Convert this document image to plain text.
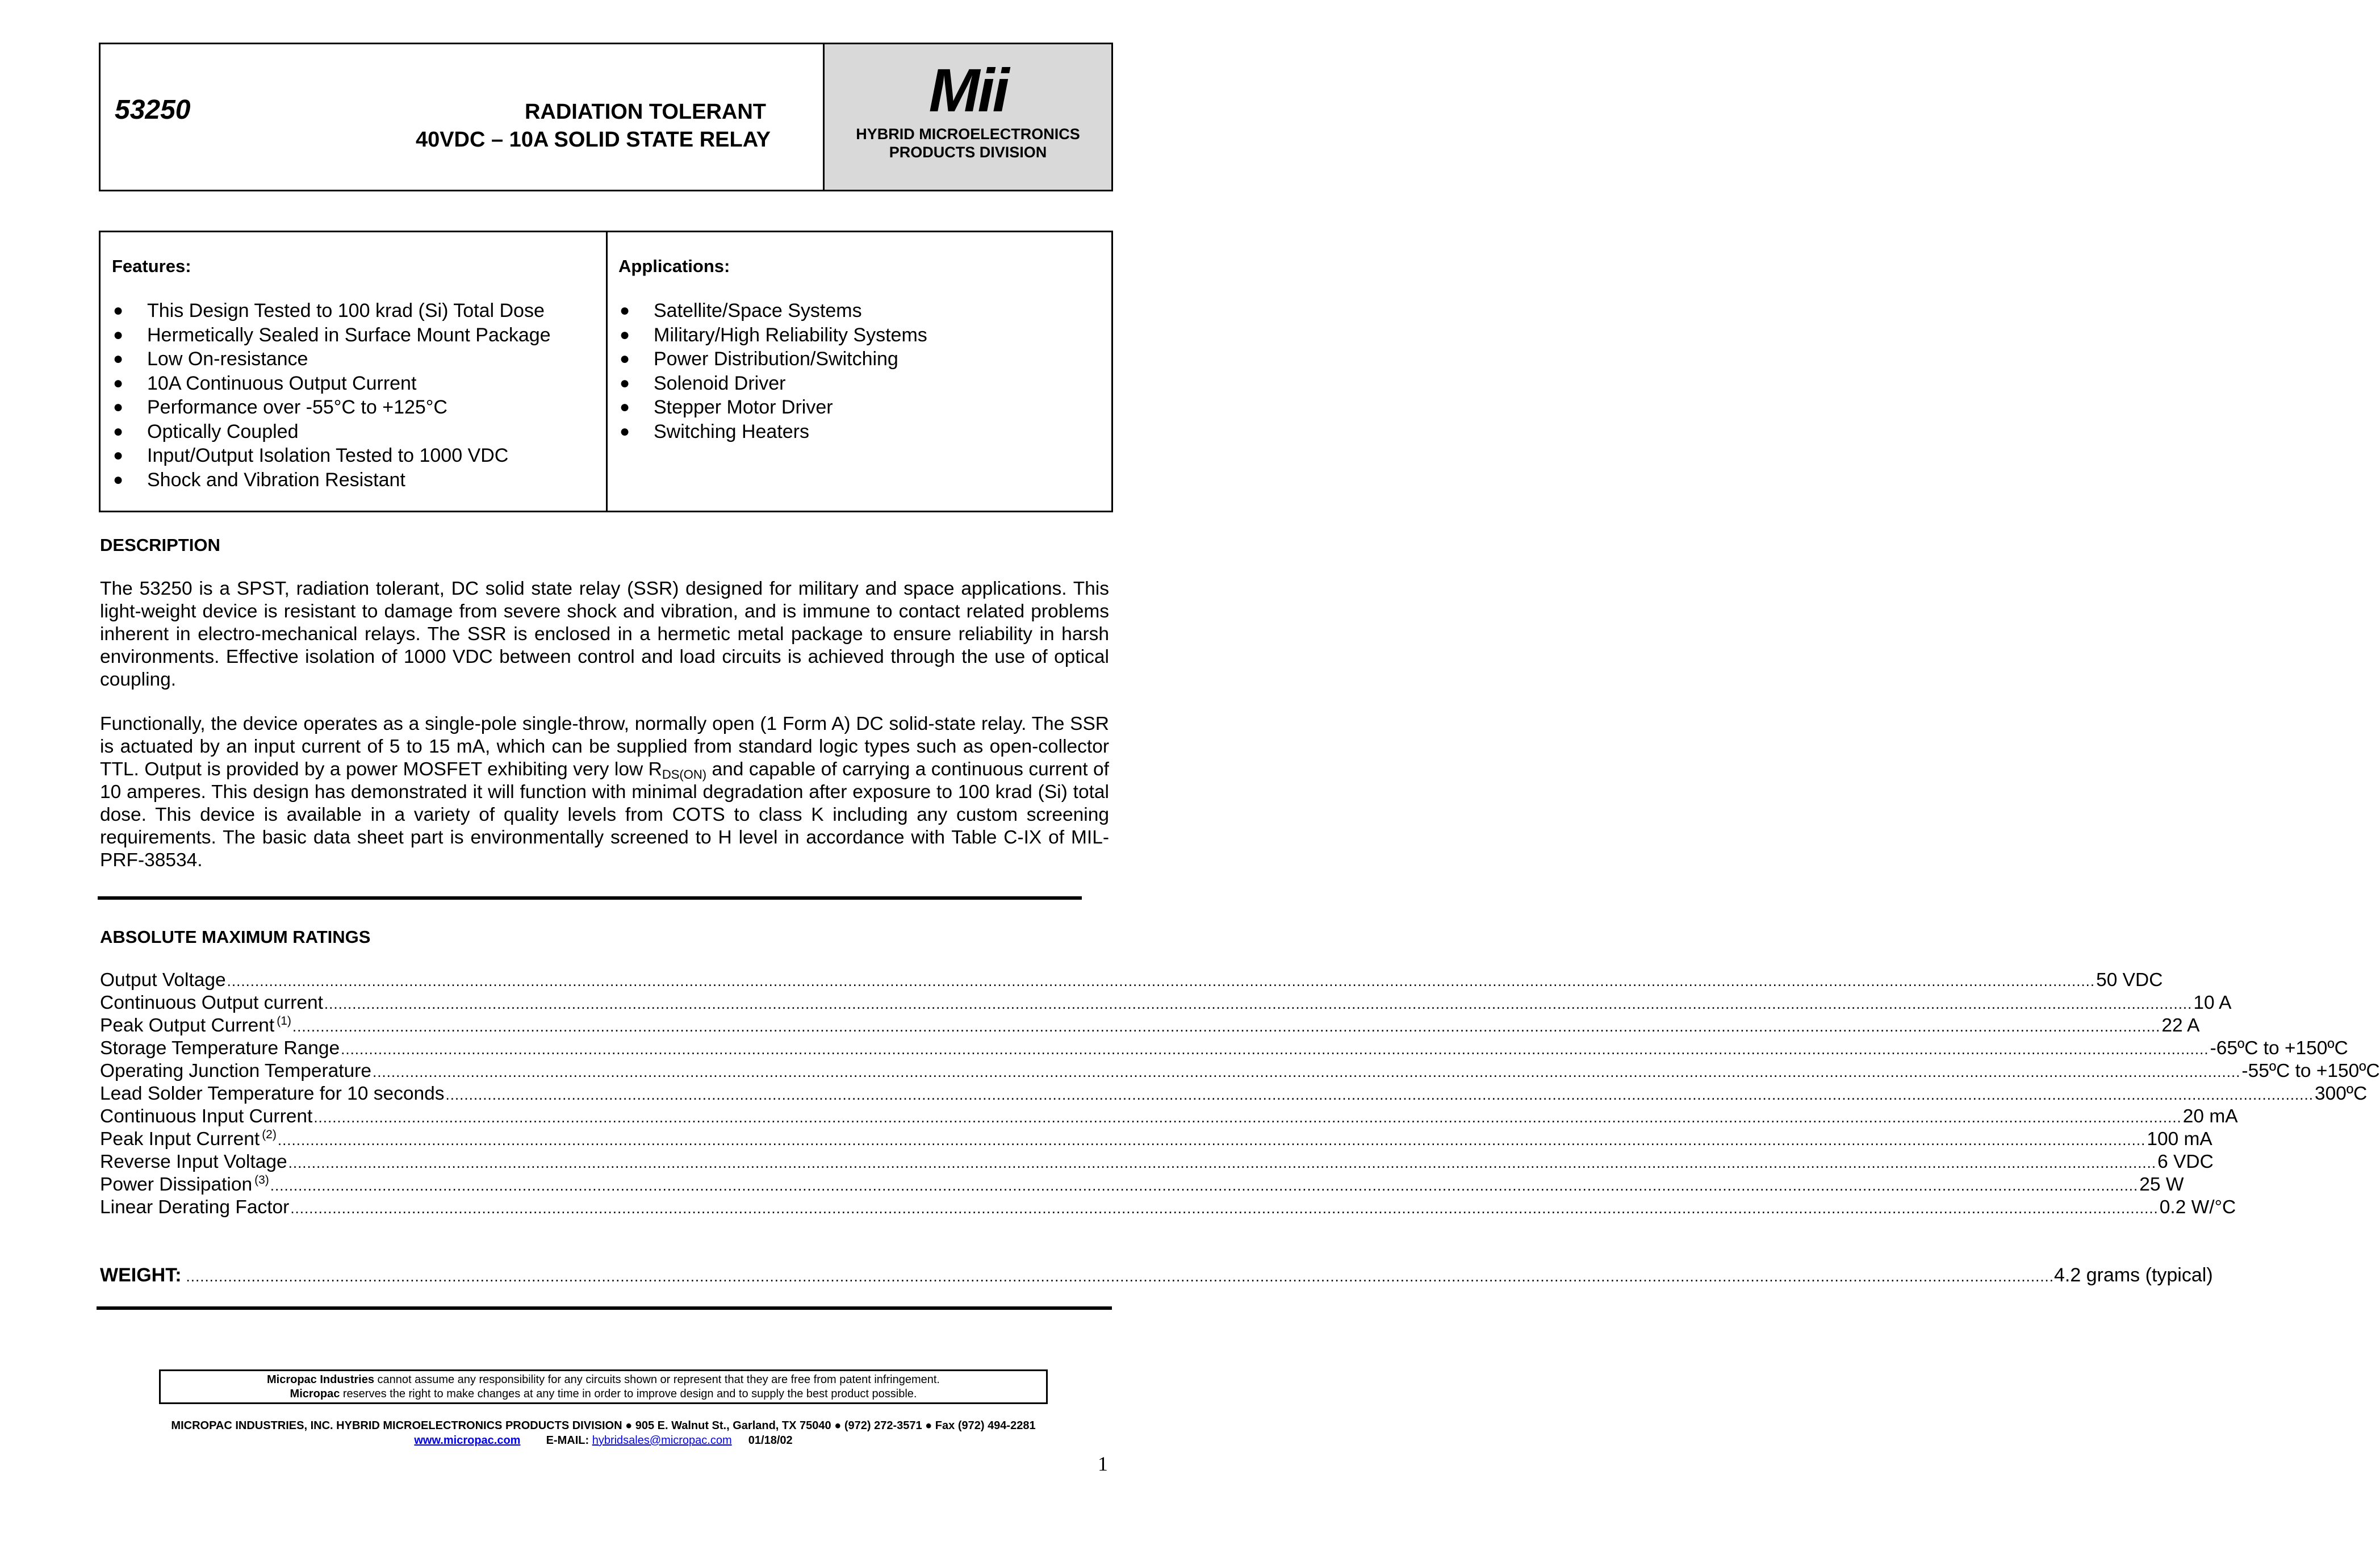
53250	RADIATION TOLERANT
40VDC – 10A SOLID STATE RELAY
Mii
HYBRID MICROELECTRONICS
PRODUCTS DIVISION
Features:
● This Design Tested to 100 krad (Si) Total Dose
● Hermetically Sealed in Surface Mount Package
● Low On-resistance
● 10A Continuous Output Current
● Performance over -55°C to +125°C
● Optically Coupled
● Input/Output Isolation Tested to 1000 VDC
● Shock and Vibration Resistant
Applications:
● Satellite/Space Systems
● Military/High Reliability Systems
● Power Distribution/Switching
● Solenoid Driver
● Stepper Motor Driver
● Switching Heaters
DESCRIPTION

The 53250 is a SPST, radiation tolerant, DC solid state relay (SSR) designed for military and space applications. This light-weight device is resistant to damage from severe shock and vibration, and is immune to contact related problems inherent in electro-mechanical relays. The SSR is enclosed in a hermetic metal package to ensure reliability in harsh environments. Effective isolation of 1000 VDC between control and load circuits is achieved through the use of optical coupling.

Functionally, the device operates as a single-pole single-throw, normally open (1 Form A) DC solid-state relay. The SSR is actuated by an input current of 5 to 15 mA, which can be supplied from standard logic types such as open-collector TTL. Output is provided by a power MOSFET exhibiting very low $R_{DS(ON)}$ and capable of carrying a continuous current of 10 amperes. This design has demonstrated it will function with minimal degradation after exposure to 100 krad (Si) total dose. This device is available in a variety of quality levels from COTS to class K including any custom screening requirements. The basic data sheet part is environmentally screened to H level in accordance with Table C-IX of MIL-PRF-38534.

ABSOLUTE MAXIMUM RATINGS
Output Voltage ................................................................................................................................................................................................................................................................................................................................................................................................................ 50 VDC
Continuous Output current ................................................................................................................................................................................................................................................................................................................................................................................................................ 10 A
Peak Output Current $^{(1)}$ ................................................................................................................................................................................................................................................................................................................................................................................................................ 22 A
Storage Temperature Range ................................................................................................................................................................................................................................................................................................................................................................................................................ -65ºC to +150ºC
Operating Junction Temperature ................................................................................................................................................................................................................................................................................................................................................................................................................ -55ºC to +150ºC
Lead Solder Temperature for 10 seconds ................................................................................................................................................................................................................................................................................................................................................................................................................ 300ºC
Continuous Input Current ................................................................................................................................................................................................................................................................................................................................................................................................................ 20 mA
Peak Input Current $^{(2)}$ ................................................................................................................................................................................................................................................................................................................................................................................................................ 100 mA
Reverse Input Voltage ................................................................................................................................................................................................................................................................................................................................................................................................................ 6 VDC
Power Dissipation $^{(3)}$ ................................................................................................................................................................................................................................................................................................................................................................................................................ 25 W
Linear Derating Factor ................................................................................................................................................................................................................................................................................................................................................................................................................ 0.2 W/°C
WEIGHT: ................................................................................................................................................................................................................................................................................................................................................................................................................ 4.2 grams (typical)
Micropac Industries cannot assume any responsibility for any circuits shown or represent that they are free from patent infringement.
Micropac reserves the right to make changes at any time in order to improve design and to supply the best product possible.
MICROPAC INDUSTRIES, INC. HYBRID MICROELECTRONICS PRODUCTS DIVISION ● 905 E. Walnut St., Garland, TX 75040 ● (972) 272-3571 ● Fax (972) 494-2281
www.micropac.com E-MAIL: hybridsales@micropac.com 01/18/02
1
